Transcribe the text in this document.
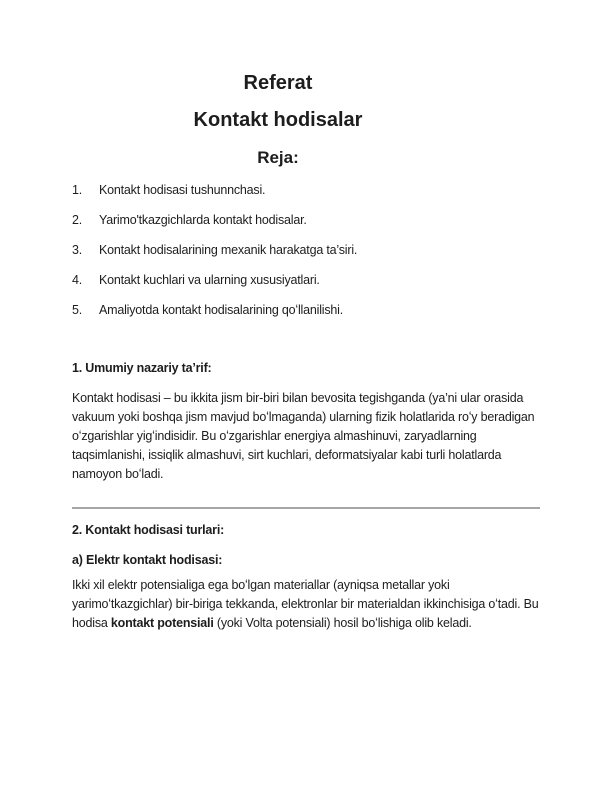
Referat
Kontakt hodisalar
Reja:
1.	Kontakt hodisasi tushunnchasi.
2.	Yarimo'tkazgichlarda kontakt hodisalar.
3.	Kontakt hodisalarining mexanik harakatga ta’siri.
4.	Kontakt kuchlari va ularning xususiyatlari.
5.	Amaliyotda kontakt hodisalarining qoʻllanilishi.

1. Umumiy nazariy ta’rif:

Kontakt hodisasi – bu ikkita jism bir-biri bilan bevosita tegishganda (ya’ni ular orasida vakuum yoki boshqa jism mavjud boʻlmaganda) ularning fizik holatlarida roʻy beradigan oʻzgarishlar yigʻindisidir. Bu oʻzgarishlar energiya almashinuvi, zaryadlarning taqsimlanishi, issiqlik almashuvi, sirt kuchlari, deformatsiyalar kabi turli holatlarda namoyon boʻladi.

2. Kontakt hodisasi turlari:

a) Elektr kontakt hodisasi:

Ikki xil elektr potensialiga ega boʻlgan materiallar (ayniqsa metallar yoki yarimoʻtkazgichlar) bir-biriga tekkanda, elektronlar bir materialdan ikkinchisiga oʻtadi. Bu hodisa kontakt potensiali (yoki Volta potensiali) hosil boʻlishiga olib keladi.
